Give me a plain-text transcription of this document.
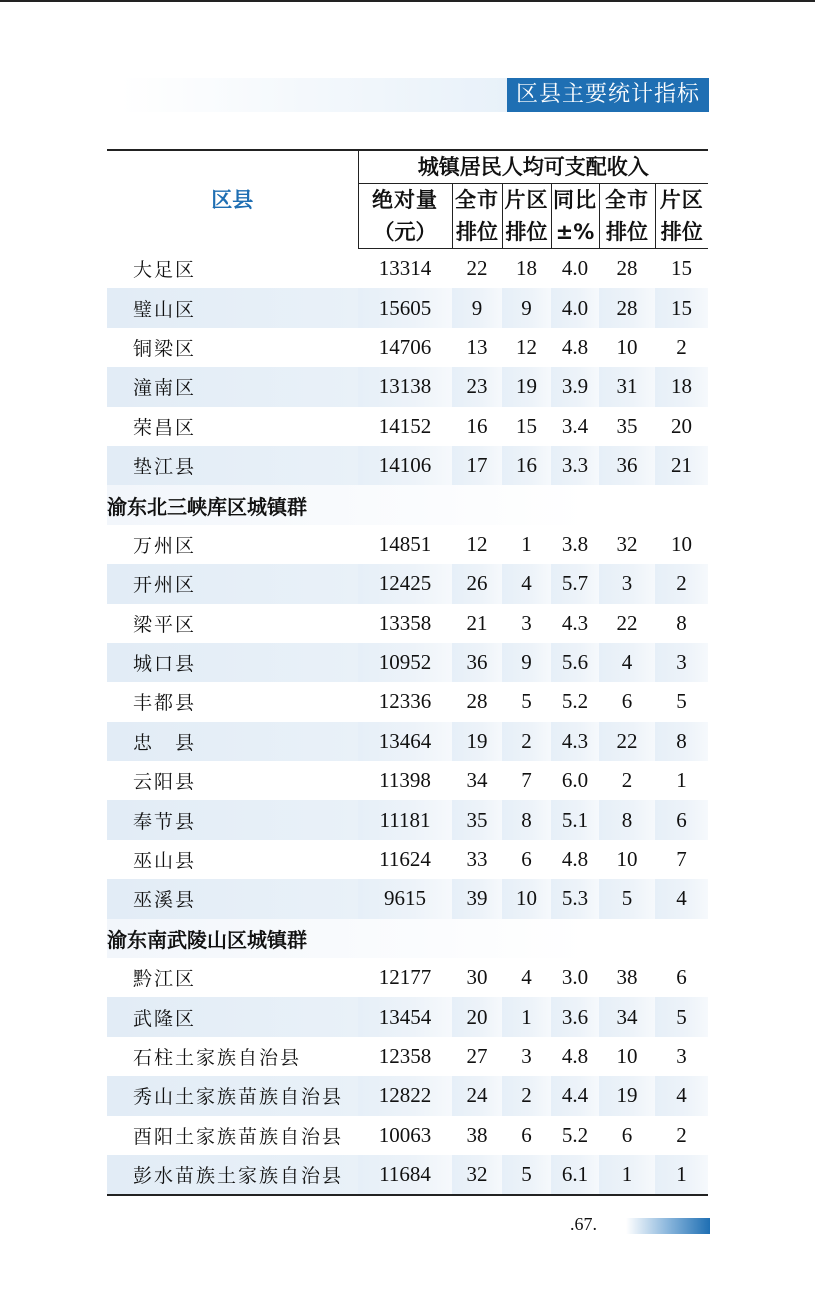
区县主要统计指标
区县	城镇居民人均可支配收入					
	绝对量	全市	片区	同比	全市	片区
	（元）	排位	排位	±%	排位	排位
大足区	13314	22	18	4.0	28	15
璧山区	15605	9	9	4.0	28	15
铜梁区	14706	13	12	4.8	10	2
潼南区	13138	23	19	3.9	31	18
荣昌区	14152	16	15	3.4	35	20
垫江县	14106	17	16	3.3	36	21
渝东北三峡库区城镇群						
万州区	14851	12	1	3.8	32	10
开州区	12425	26	4	5.7	3	2
梁平区	13358	21	3	4.3	22	8
城口县	10952	36	9	5.6	4	3
丰都县	12336	28	5	5.2	6	5
忠　县	13464	19	2	4.3	22	8
云阳县	11398	34	7	6.0	2	1
奉节县	11181	35	8	5.1	8	6
巫山县	11624	33	6	4.8	10	7
巫溪县	9615	39	10	5.3	5	4
渝东南武陵山区城镇群						
黔江区	12177	30	4	3.0	38	6
武隆区	13454	20	1	3.6	34	5
石柱土家族自治县	12358	27	3	4.8	10	3
秀山土家族苗族自治县	12822	24	2	4.4	19	4
酉阳土家族苗族自治县	10063	38	6	5.2	6	2
彭水苗族土家族自治县	11684	32	5	6.1	1	1
.67.
